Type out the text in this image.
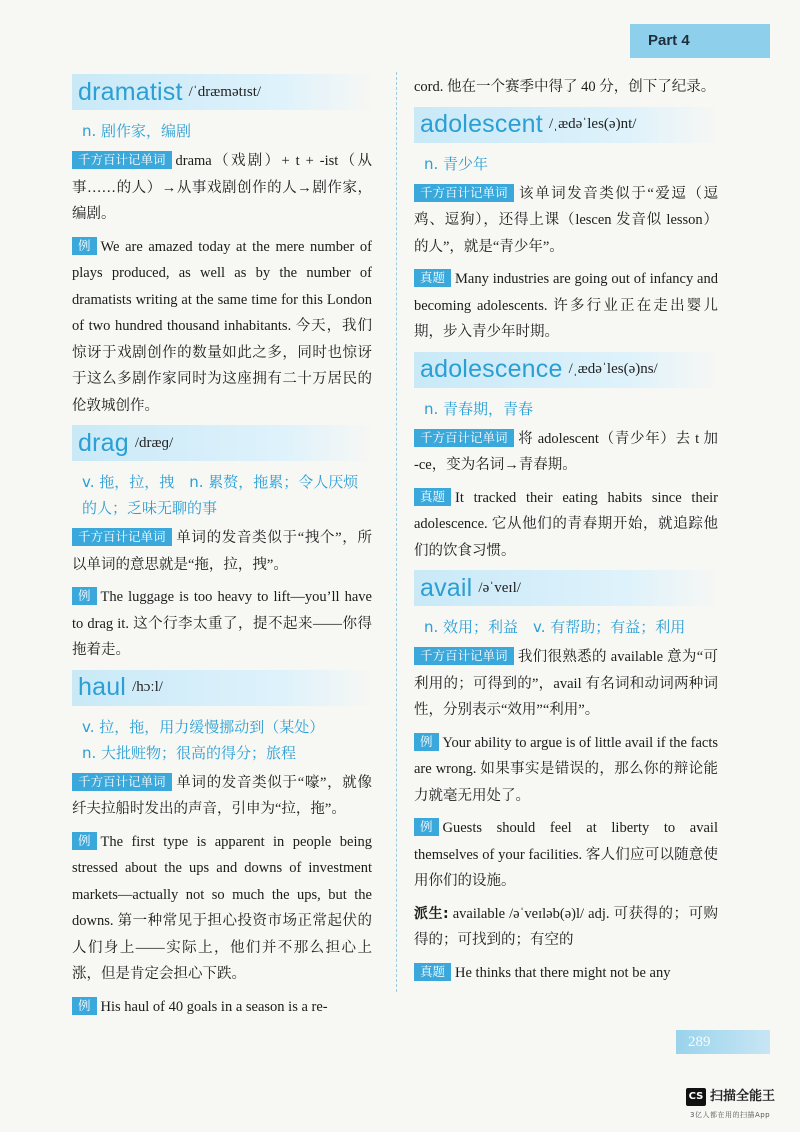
Part 4
dramatist /ˈdræmətɪst/
n. 剧作家，编剧

千方百计记单词 drama（戏剧）+ t + -ist（从事……的人）→从事戏剧创作的人→剧作家，编剧。

例 We are amazed today at the mere number of plays produced, as well as by the number of dramatists writing at the same time for this London of two hundred thousand inhabitants. 今天，我们惊讶于戏剧创作的数量如此之多，同时也惊讶于这么多剧作家同时为这座拥有二十万居民的伦敦城创作。

drag /dræɡ/
v. 拖，拉，拽　n. 累赘，拖累；令人厌烦的人；乏味无聊的事

千方百计记单词 单词的发音类似于“拽个”，所以单词的意思就是“拖，拉，拽”。

例 The luggage is too heavy to lift—you’ll have to drag it. 这个行李太重了，提不起来——你得拖着走。

haul /hɔːl/
v. 拉，拖，用力缓慢挪动到（某处）
n. 大批赃物；很高的得分；旅程

千方百计记单词 单词的发音类似于“嚎”，就像纤夫拉船时发出的声音，引申为“拉，拖”。

例 The first type is apparent in people being stressed about the ups and downs of investment markets—actually not so much the ups, but the downs. 第一种常见于担心投资市场正常起伏的人们身上——实际上，他们并不那么担心上涨，但是肯定会担心下跌。

例 His haul of 40 goals in a season is a re-

cord. 他在一个赛季中得了 40 分，创下了纪录。

adolescent /ˌædəˈles(ə)nt/
n. 青少年

千方百计记单词 该单词发音类似于“爱逗（逗鸡、逗狗），还得上课（lescen 发音似 lesson）的人”，就是“青少年”。

真题 Many industries are going out of infancy and becoming adolescents. 许多行业正在走出婴儿期，步入青少年时期。

adolescence /ˌædəˈles(ə)ns/
n. 青春期，青春

千方百计记单词 将 adolescent（青少年）去 t 加 -ce，变为名词→青春期。

真题 It tracked their eating habits since their adolescence. 它从他们的青春期开始，就追踪他们的饮食习惯。

avail /əˈveɪl/
n. 效用；利益　v. 有帮助；有益；利用

千方百计记单词 我们很熟悉的 available 意为“可利用的；可得到的”，avail 有名词和动词两种词性，分别表示“效用”“利用”。

例 Your ability to argue is of little avail if the facts are wrong. 如果事实是错误的，那么你的辩论能力就毫无用处了。

例 Guests should feel at liberty to avail themselves of your facilities. 客人们应可以随意使用你们的设施。

派生: available /əˈveɪləb(ə)l/ adj. 可获得的；可购得的；可找到的；有空的

真题 He thinks that there might not be any

289
CS 扫描全能王
3亿人都在用的扫描App
